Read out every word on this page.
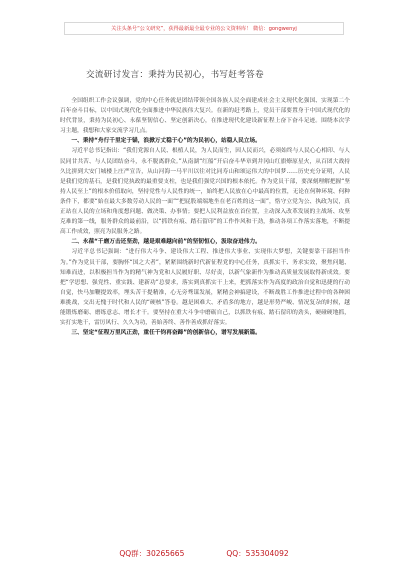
关注头条号“公文研究”，获得最新最全最专业的公文资料库！ 微信：gongwenyj
交流研讨发言：秉持为民初心，书写赶考答卷

全国组织工作会议强调，党的中心任务就是团结带领全国各族人民全面建成社会主义现代化强国、实现第二个百年奋斗目标，以中国式现代化全面推进中华民族伟大复兴。在新的赶考路上，党员干部要置身于中国式现代化的时代背景，秉持为民初心、永葆坚韧信心、坚定创新决心，在推进现代化建设新征程上奋下奋斗足迹。围绕本次学习主题，我想和大家交流学习几点。

一、秉持“舟行千里定于锚，浪掀万丈稳于心”的为民初心，站稳人民立场。

习近平总书记指出：“我们党源自人民、根植人民，为人民而生，因人民而兴，必须始终与人民心心相印、与人民同甘共苦、与人民团结奋斗，永不脱离群众。”从南湖“红船”开启奋斗华章到井冈山红旗燎原星火，从百团大战持久比拼到大安门城楼上庄严宣告，从山河海一马平川以往对比同寿山和颂运伟大的中国梦……历史充分证明，人民是我们党的基石，是我们党执政的最重要支柱，也是我们强党兴国的根本依托。作为党员干部，要深刻理解把握“坚持人民至上”的根本价值取向，坚持党性与人民性的统一，始终把人民放在心中最高的位置，无论在何种环境、何种条件下，都要“始在最大多数劳动人民的一面”“把屁股端端地坐在老百姓的这一面”，恪守立党为公、执政为民，真正站在人民的立场和角度想问题、做决策、办事情；要把人民利益放在首位置，主动深入改革发展的主战场、攻坚克难的第一线，服务群众的最前沿，以“抓铁有痕、踏石留印”的工作作风和干劲，推动各项工作落实落地，不断提高工作成效，照亮为民服务之路。

二、永葆“千磨万击还坚劲，越是艰难越向前”的坚韧恒心，汲取奋进伟力。

习近平总书记强调：“进行伟大斗争、建设伟大工程、推进伟大事业、实现伟大梦想，关键要靠干部担当作为。”作为党员干部，要胸怀“国之大者”，紧紧围绕新时代新征程党的中心任务，真抓实干、务求实效，聚焦问题、知难而进，以积极担当作为的精气神为党和人民履好职、尽好责，以新气象新作为推动高质量发展取得新成效。要把“学思想、强党性、重实践、建新功”总要求，落实到真抓实干上来，把抓落实作为高度的政治自觉和迅捷的行动自觉，快马加鞭提效率，埋头苦干提精准，心无旁骛谋发展，紧精会神搞建设，不断战胜工作推进过程中的各种困难挑战，交出无愧于时代和人民的“硬核”答卷。越是困难大、矛盾多的地方，越是形势严峻、情况复杂的时候，越能锻炼磨砺、磨练意志、增长才干。要坚持在重大斗争中磨砺自己，以抓铁有痕、踏石留印的劲头，硬碰硬地抓，实打实地干，雷厉风行、久久为功，善始善终、善作善成抓好落实。

三、坚定“征程万里风正劲，重任千钧再奋蹄”的创新信心，谱写发展新篇。

QQ群：30265665	QQ：535304092
